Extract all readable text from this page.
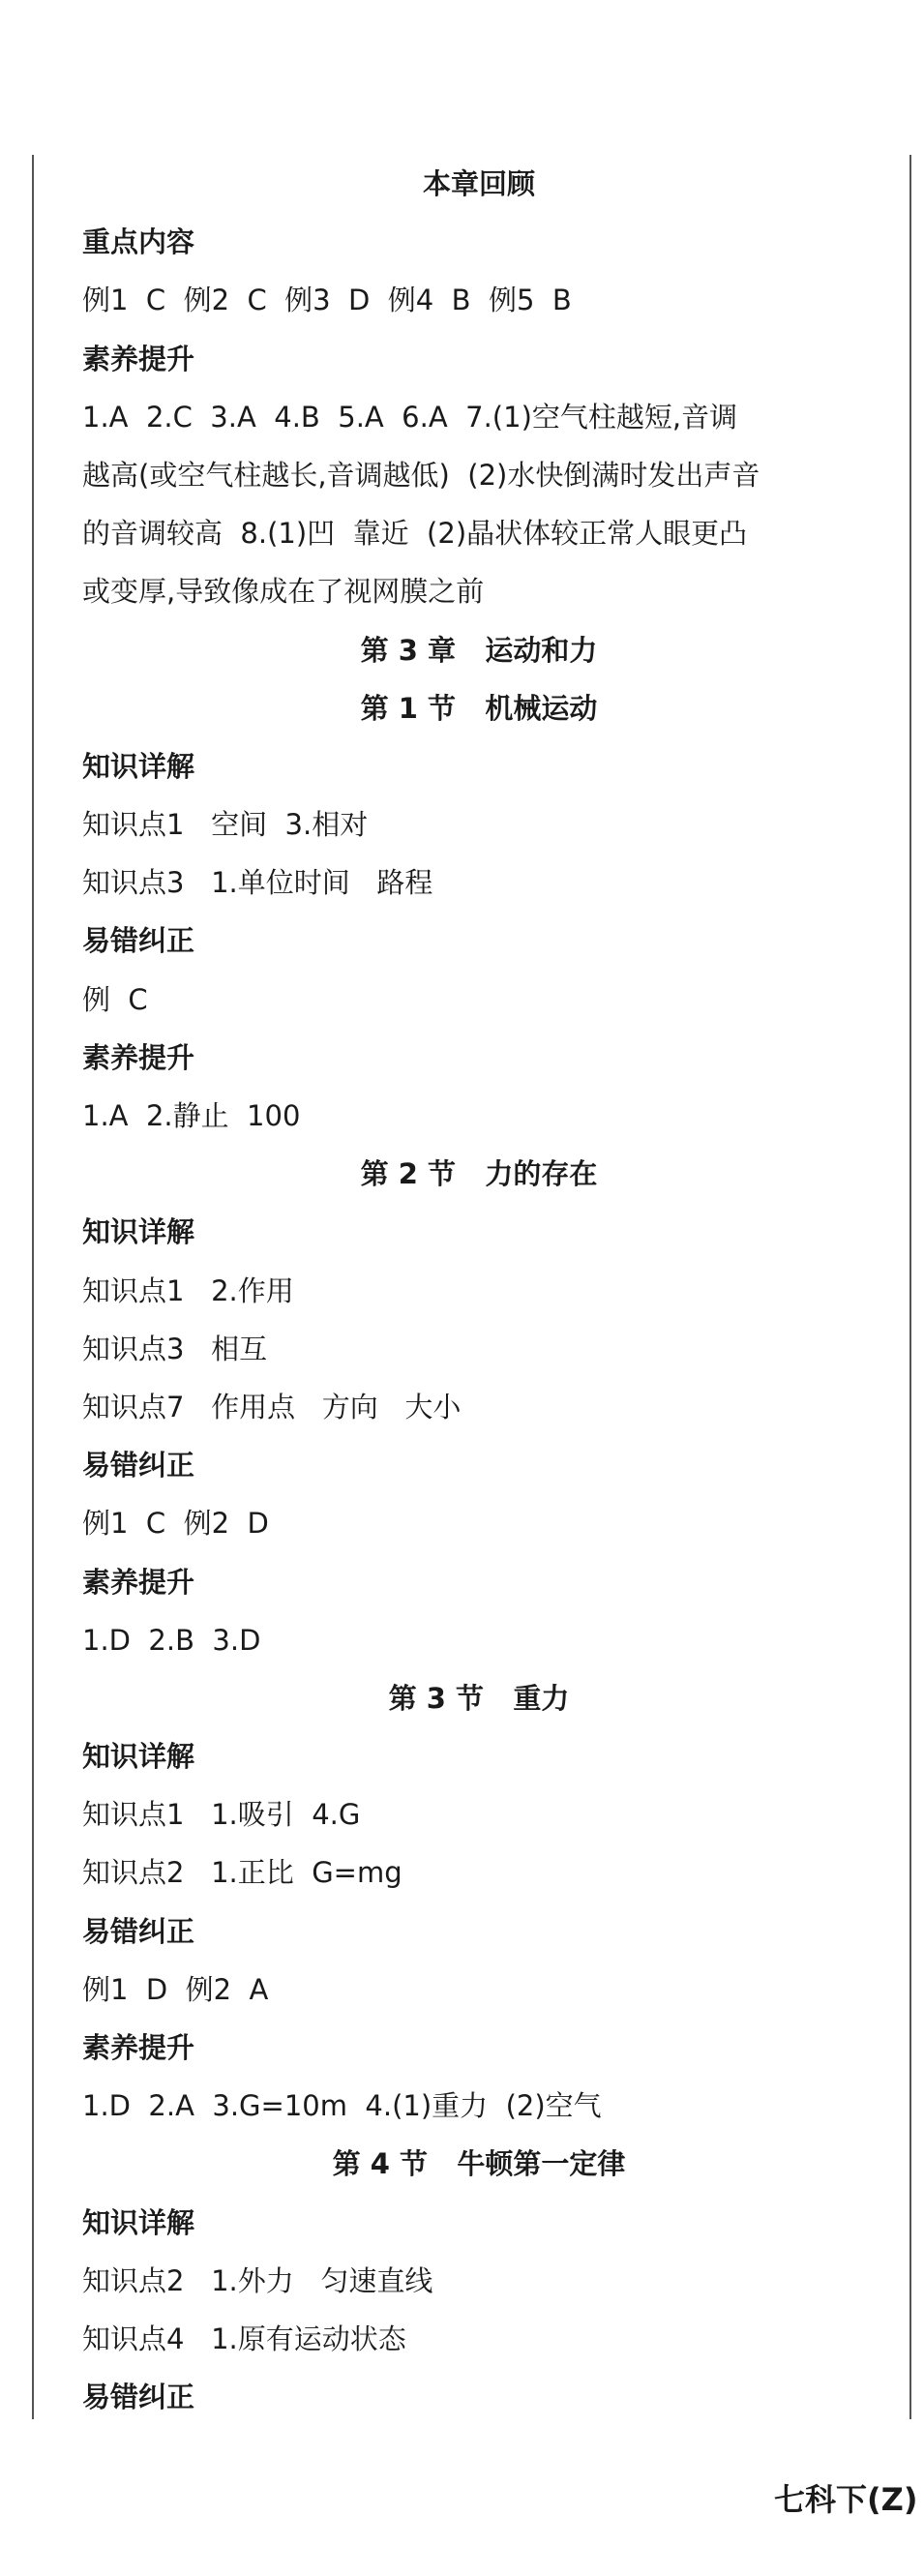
本章回顾
重点内容
例1  C  例2  C  例3  D  例4  B  例5  B
素养提升
1.A  2.C  3.A  4.B  5.A  6.A  7.(1)空气柱越短,音调
越高(或空气柱越长,音调越低)  (2)水快倒满时发出声音
的音调较高  8.(1)凹  靠近  (2)晶状体较正常人眼更凸
或变厚,导致像成在了视网膜之前
第 3 章   运动和力
第 1 节   机械运动
知识详解
知识点1   空间  3.相对
知识点3   1.单位时间   路程
易错纠正
例  C
素养提升
1.A  2.静止  100
第 2 节   力的存在
知识详解
知识点1   2.作用
知识点3   相互
知识点7   作用点   方向   大小
易错纠正
例1  C  例2  D
素养提升
1.D  2.B  3.D
第 3 节   重力
知识详解
知识点1   1.吸引  4.G
知识点2   1.正比  G=mg
易错纠正
例1  D  例2  A
素养提升
1.D  2.A  3.G=10m  4.(1)重力  (2)空气
第 4 节   牛顿第一定律
知识详解
知识点2   1.外力   匀速直线
知识点4   1.原有运动状态
易错纠正
七科下(Z)
